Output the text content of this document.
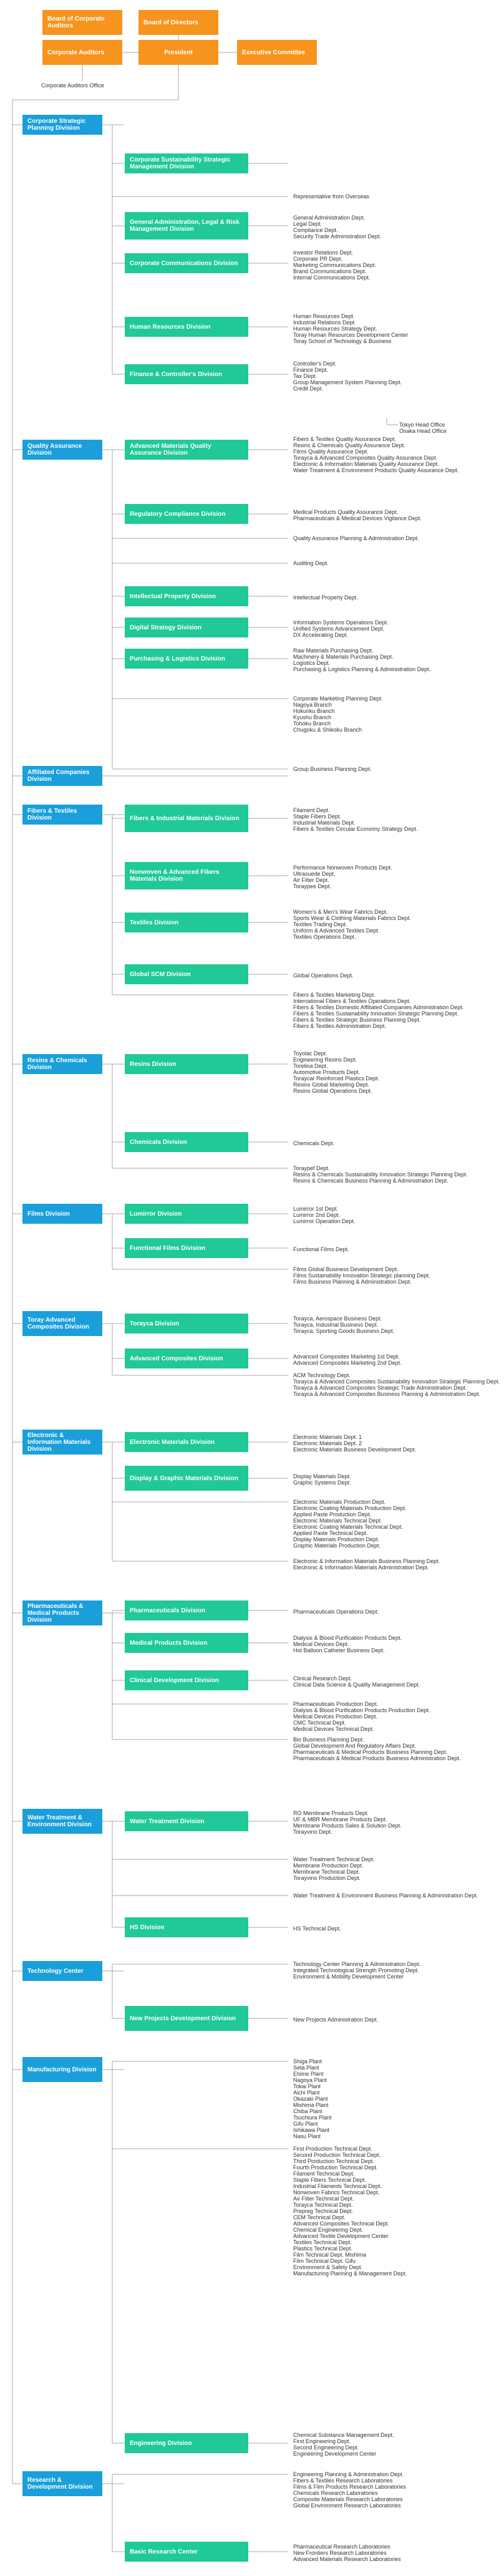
Board of Corporate Auditors	Board of Directors
Corporate Auditors	President	Executive Committee
Corporate Auditors Office
Corporate Strategic Planning Division
Quality Assurance Division
Fibers & Textiles Division
Resins & Chemicals Division
Films Division
Toray Advanced Composites Division
Electronic & Information Materials Division
Pharmaceuticals & Medical Products Division
Water Treatment & Environment Division
Technology Center
Manufacturing Division
Research & Development Division
Corporate Sustainability Strategic Management Division
Representative from Overseas
General Administration, Legal & Risk Management Division
General Administration Dept.
Legal Dept.
Compliance Dept.
Security Trade Administration Dept.
Corporate Communications Division
Investor Relations Dept.
Corporate PR Dept.
Marketing Communications Dept.
Brand Communications Dept.
Internal Communications Dept.
Human Resources Division
Human Resources Dept.
Industrial Relations Dept.
Human Resources Strategy Dept.
Toray Human Resources Development Center
Toray School of Technology & Business
Finance & Controller's Division
Controller's Dept.
Finance Dept.
Tax Dept.
Group Management System Planning Dept.
Credit Dept.
Advanced Materials Quality Assurance Division
Fibers & Textiles Quality Assurance Dept.
Resins & Chemicals Quality Assurance Dept.
Films Quality Assurance Dept.
Torayca & Advanced Composites Quality Assurance Dept.
Electronic & Information Materials Quality Assurance Dept.
Water Treatment & Environment Products Quality Assurance Dept.
Regulatory Compliance Division	Medical Products Quality Assurance Dept.
Pharmaceuticals & Medical Devices Vigilance Dept.
Quality Assurance Planning & Administration Dept.
Auditing Dept.
Intellectual Property Division	Intellectual Property Dept.
Digital Strategy Division
Information Systems Operations Dept.
Unified Systems Advancement Dept.
DX Accelerating Dept.
Purchasing & Logistics Division
Raw Materials Purchasing Dept.
Machinery & Materials Purchasing Dept.
Logistics Dept.
Purchasing & Logistics Planning & Administration Dept.
Corporate Marketing Planning Dept.
Nagoya Branch
Hokuriku Branch
Kyushu Branch
Tohoku Branch
Chugoku & Shikoku Branch
Group Business Planning Dept.
Fibers & Industrial Materials Division
Filament Dept.
Staple Fibers Dept.
Industrial Materials Dept.
Fibers & Textiles Circular Economy Strategy Dept.
Nonwoven & Advanced Fibers Materials Division
Performance Nonwoven Products Dept.
Ultrasuede Dept.
Air Filter Dept.
Toraypee Dept.
Textiles Division
Women's & Men's Wear Fabrics Dept.
Sports Wear & Clothing Materials Fabrics Dept.
Textiles Trading Dept.
Uniform & Advanced Textiles Dept.
Textiles Operations Dept.
Global SCM Division	Global Operations Dept.
Fibers & Textiles Marketing Dept.
International Fibers & Textiles Operations Dept.
Fibers & Textiles Domestic Affiliated Companies Administration Dept.
Fibers & Textiles Sustainability Innovation Strategic Planning Dept.
Fibers & Textiles Strategic Business Planning Dept.
Fibers & Textiles Administration Dept.
Resins Division
Toyolac Dept.
Engineering Resins Dept.
Torelina Dept.
Automotive Products Dept.
Toraycar Reinforced Plastics Dept.
Resins Global Marketing Dept.
Resins Global Operations Dept.
Chemicals Division	Chemicals Dept.
Toraypef Dept.
Resins & Chemicals Sustainability Innovation Strategic Planning Dept.
Resins & Chemicals Business Planning & Administration Dept.
Lumirror Division
Lumirror 1st Dept.
Lumirror 2nd Dept.
Lumirror Operation Dept.
Functional Films Division	Functional Films Dept.
Films Global Business Development Dept.
Films Sustainability Innovation Strategic planning Dept.
Films Business Planning & Administration Dept.
Torayca Division
Torayca, Aerospace Business Dept.
Torayca, Industrial Business Dept.
Torayca, Sporting Goods Business Dept.
Advanced Composites Division	Advanced Composites Marketing 1st Dept.
Advanced Composites Marketing 2nd Dept.
ACM Technology Dept.
Torayca & Advanced Composites Sustainability Innovation Strategic Planning Dept.
Torayca & Advanced Composites Strategic Trade Administration Dept.
Torayca & Advanced Composites Business Planning & Administration Dept.
Electronic Materials Division
Electronic Materials Dept. 1
Electronic Materials Dept. 2
Electronic Materials Business Development Dept.
Display & Graphic Materials Division	Display Materials Dept.
Graphic Systems Dept.
Electronic Materials Production Dept.
Electronic Coating Materials Production Dept.
Applied Paste Production Dept.
Electronic Materials Technical Dept.
Electronic Coating Materials Technical Dept.
Applied Paste Technical Dept.
Display Materials Production Dept.
Graphic Materials Production Dept.
Electronic & Information Materials Business Planning Dept.
Electronic & Information Materials Administration Dept.
Pharmaceuticals Division	Pharmaceuticals Operations Dept.
Medical Products Division
Dialysis & Blood Purification Products Dept.
Medical Devices Dept.
Hot Balloon Catheter Business Dept.
Clinical Development Division	Clinical Research Dept.
Clinical Data Science & Quality Management Dept.
Pharmaceuticals Production Dept.
Dialysis & Blood Purification Products Production Dept.
Medical Devices Production Dept.
CMC Technical Dept.
Medical Devices Technical Dept.
Bio Business Planning Dept.
Global Development And Regulatory Affairs Dept.
Pharmaceuticals & Medical Products Business Planning Dept.
Pharmaceuticals & Medical Products Business Administration Dept.
Water Treatment Division
RO Membrane Products Dept.
UF & MBR Membrane Products Dept.
Membrane Products Sales & Solution Dept.
Torayvino Dept.
Water Treatment Technical Dept.
Membrane Production Dept.
Membrane Technical Dept.
Torayvino Production Dept.
Water Treatment & Environment Business Planning & Administration Dept.
HS Division	HS Technical Dept.
Technology Center Planning & Administration Dept.
Integrated Technological Strength Promoting Dept.
Environment & Mobility Development Center
New Projects Development Division	New Projects Administration Dept.
Shiga Plant
Seta Plant
Ehime Plant
Nagoya Plant
Tokai Plant
Aichi Plant
Okazaki Plant
Mishima Plant
Chiba Plant
Tsuchiura Plant
Gifu Plant
Ishikawa Plant
Nasu Plant
First Production Technical Dept.
Second Production Technical Dept.
Third Production Technical Dept.
Fourth Production Technical Dept.
Filament Technical Dept.
Staple Fibers Technical Dept.
Industrial Filaments Technical Dept.
Nonwoven Fabrics Technical Dept.
Air Filter Technical Dept.
Torayca Technical Dept.
Prepreg Technical Dept.
CEM Technical Dept.
Advanced Composites Technical Dept.
Chemical Engineering Dept.
Advanced Textile Development Center
Textiles Technical Dept.
Plastics Technical Dept.
Film Technical Dept. Mishima
Film Technical Dept. Gifu
Environment & Safety Dept.
Manufacturing Planning & Management Dept.
Engineering Division
Chemical Substance Management Dept.
First Engineering Dept.
Second Engineering Dept.
Engineering Development Center
Engineering Planning & Administration Dept.
Fibers & Textiles Research Laboratories
Films & Film Products Research Laboratories
Chemicals Research Laboratories
Composite Materials Research Laboratories
Global Environment Research Laboratories
Basic Research Center
Pharmaceutical Research Laboratories
New Frontiers Research Laboratories
Advanced Materials Research Laboratories
Tokyo Head Office
Osaka Head Office
Affiliated Companies Division
